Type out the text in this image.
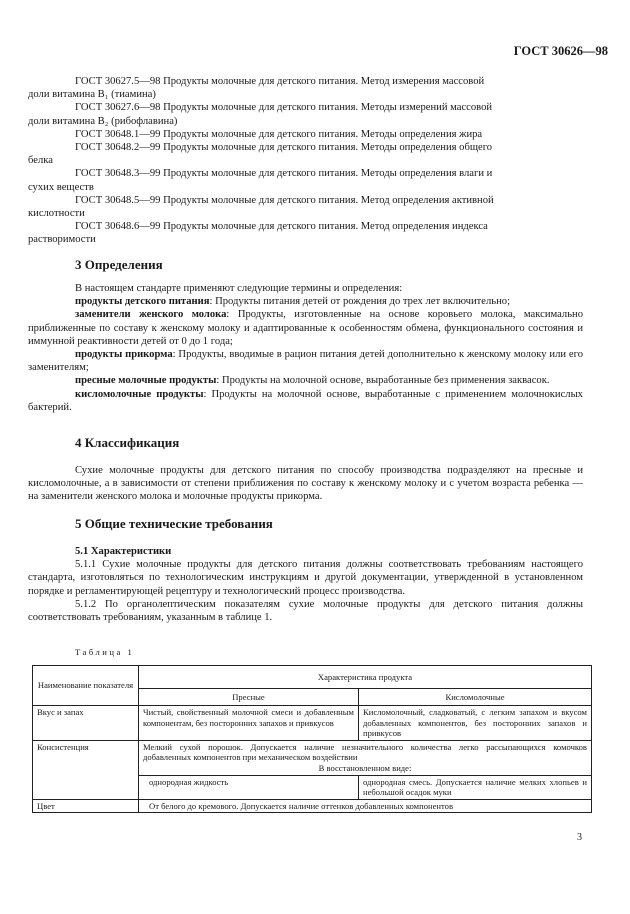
ГОСТ 30626—98
ГОСТ 30627.5—98 Продукты молочные для детского питания. Метод измерения массовой
доли витамина B₁ (тиамина)
ГОСТ 30627.6—98 Продукты молочные для детского питания. Методы измерений массовой
доли витамина B₂ (рибофлавина)
ГОСТ 30648.1—99 Продукты молочные для детского питания. Методы определения жира
ГОСТ 30648.2—99 Продукты молочные для детского питания. Методы определения общего
белка
ГОСТ 30648.3—99 Продукты молочные для детского питания. Методы определения влаги и
сухих веществ
ГОСТ 30648.5—99 Продукты молочные для детского питания. Метод определения активной
кислотности
ГОСТ 30648.6—99 Продукты молочные для детского питания. Метод определения индекса
растворимости
3 Определения

В настоящем стандарте применяют следующие термины и определения:

продукты детского питания: Продукты питания детей от рождения до трех лет включительно;

заменители женского молока: Продукты, изготовленные на основе коровьего молока, максимально приближенные по составу к женскому молоку и адаптированные к особенностям обмена, функционального состояния и иммунной реактивности детей от 0 до 1 года;

продукты прикорма: Продукты, вводимые в рацион питания детей дополнительно к женскому молоку или его заменителям;

пресные молочные продукты: Продукты на молочной основе, выработанные без применения заквасок.

кисломолочные продукты: Продукты на молочной основе, выработанные с применением молочнокислых бактерий.

4 Классификация

Сухие молочные продукты для детского питания по способу производства подразделяют на пресные и кисломолочные, а в зависимости от степени приближения по составу к женскому молоку и с учетом возраста ребенка — на заменители женского молока и молочные продукты прикорма.

5 Общие технические требования

5.1 Характеристики

5.1.1 Сухие молочные продукты для детского питания должны соответствовать требованиям настоящего стандарта, изготовляться по технологическим инструкциям и другой документации, утвержденной в установленном порядке и регламентирующей рецептуру и технологический процесс производства.

5.1.2 По органолептическим показателям сухие молочные продукты для детского питания должны соответствовать требованиям, указанным в таблице 1.

Таблица 1
Наименование показателя	Характеристика продукта	
	Пресные	Кисломолочные
Вкус и запах	Чистый, свойственный молочной смеси и добавленным компонентам, без посторонних запахов и привкусов	Кисломолочный, сладковатый, с легким запахом и вкусом добавленных компонентов, без посторонних запахов и привкусов
Консистенция	Мелкий сухой порошок. Допускается наличие незначительного количества легко рассыпающихся комочков добавленных компонентов при механическом воздействии
В восстановленном виде:	

	однородная жидкость	однородная смесь. Допускается наличие мелких хлопьев и небольшой осадок муки
Цвет	От белого до кремового. Допускается наличие оттенков добавленных компонентов	
3
